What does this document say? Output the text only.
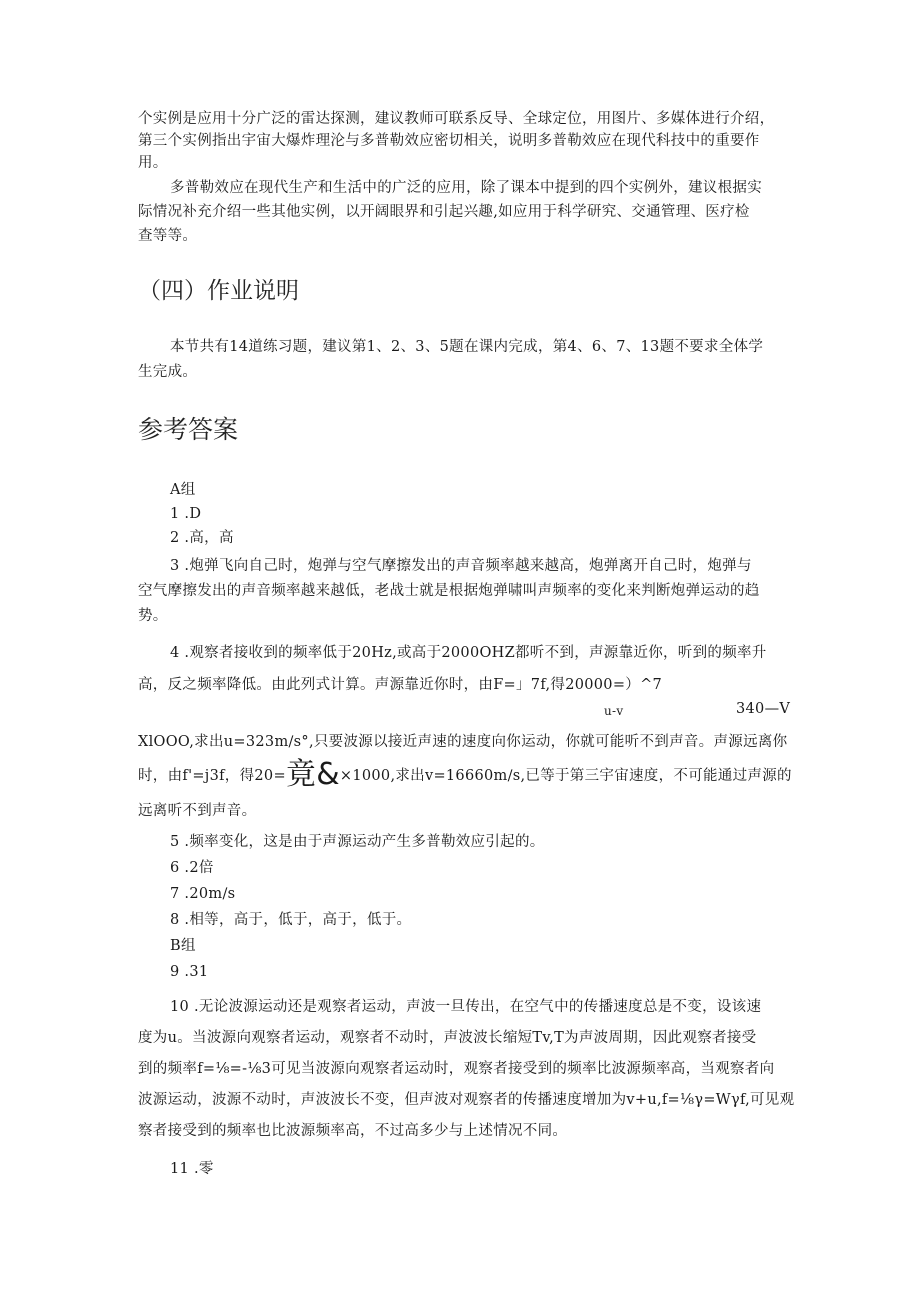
个实例是应用十分广泛的雷达探测，建议教师可联系反导、全球定位，用图片、多媒体进行介绍，
第三个实例指出宇宙大爆炸理沦与多普勒效应密切相关，说明多普勒效应在现代科技中的重要作
用。
多普勒效应在现代生产和生活中的广泛的应用，除了课本中提到的四个实例外，建议根据实
际情况补充介绍一些其他实例，以开阔眼界和引起兴趣,如应用于科学研究、交通管理、医疗检
查等等。
（四）作业说明
本节共有14道练习题，建议第1、2、3、5题在课内完成，第4、6、7、13题不要求全体学
生完成。
参考答案
A组
1 .D
2 .高，高
3 .炮弹飞向自己时，炮弹与空气摩擦发出的声音频率越来越高，炮弹离开自己时，炮弹与
空气摩擦发出的声音频率越来越低，老战士就是根据炮弹啸叫声频率的变化来判断炮弹运动的趋
势。
4 .观察者接收到的频率低于20Hz,或高于2000OHZ都听不到，声源靠近你，听到的频率升
高，反之频率降低。由此列式计算。声源靠近你时，由F=」7f,得20000=）^7
u-v	340—V
XlOOO,求出u=323m∕s°,只要波源以接近声速的速度向你运动，你就可能听不到声音。声源远离你
时，由f'=j3f，得20=竟&×1000,求出v=16660m∕s,已等于第三宇宙速度，不可能通过声源的
远离听不到声音。
5 .频率变化，这是由于声源运动产生多普勒效应引起的。
6 .2倍
7 .20m∕s
8 .相等，高于，低于，高于，低于。
B组
9 .31
10 .无论波源运动还是观察者运动，声波一旦传出，在空气中的传播速度总是不变，设该速
度为u。当波源向观察者运动，观察者不动时，声波波长缩短Tv,T为声波周期，因此观察者接受
到的频率f=⅛=-⅛3可见当波源向观察者运动时，观察者接受到的频率比波源频率高，当观察者向
波源运动，波源不动时，声波波长不变，但声波对观察者的传播速度增加为v+u,f=⅛γ=Wγf,可见观
察者接受到的频率也比波源频率高，不过高多少与上述情况不同。
11 .零
